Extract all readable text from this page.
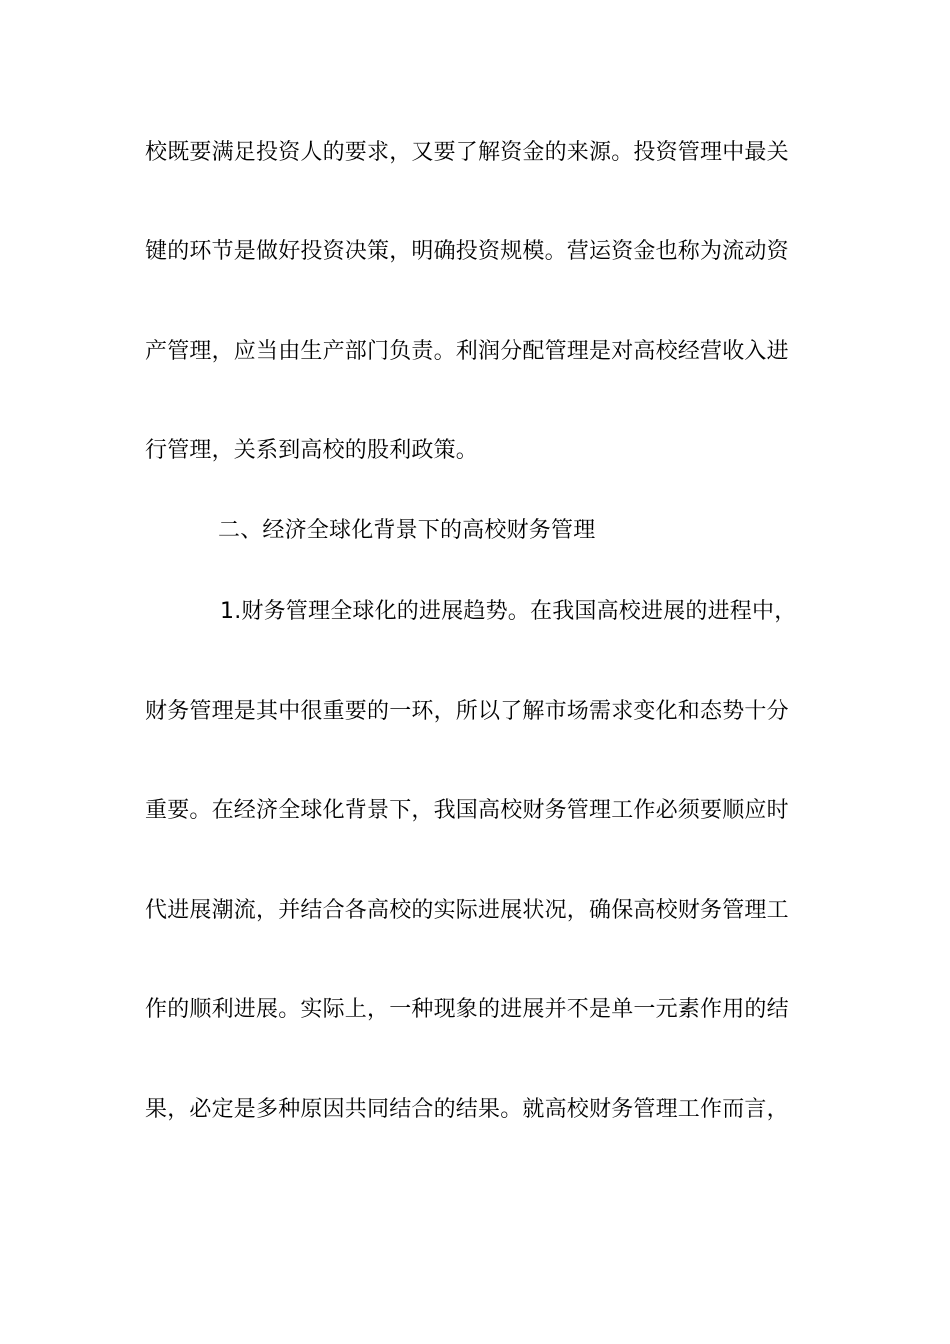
校既要满足投资人的要求，又要了解资金的来源。投资管理中最关
键的环节是做好投资决策，明确投资规模。营运资金也称为流动资
产管理，应当由生产部门负责。利润分配管理是对高校经营收入进
行管理，关系到高校的股利政策。
二、经济全球化背景下的高校财务管理
1.财务管理全球化的进展趋势。在我国高校进展的进程中，
财务管理是其中很重要的一环，所以了解市场需求变化和态势十分
重要。在经济全球化背景下，我国高校财务管理工作必须要顺应时
代进展潮流，并结合各高校的实际进展状况，确保高校财务管理工
作的顺利进展。实际上，一种现象的进展并不是单一元素作用的结
果，必定是多种原因共同结合的结果。就高校财务管理工作而言，
